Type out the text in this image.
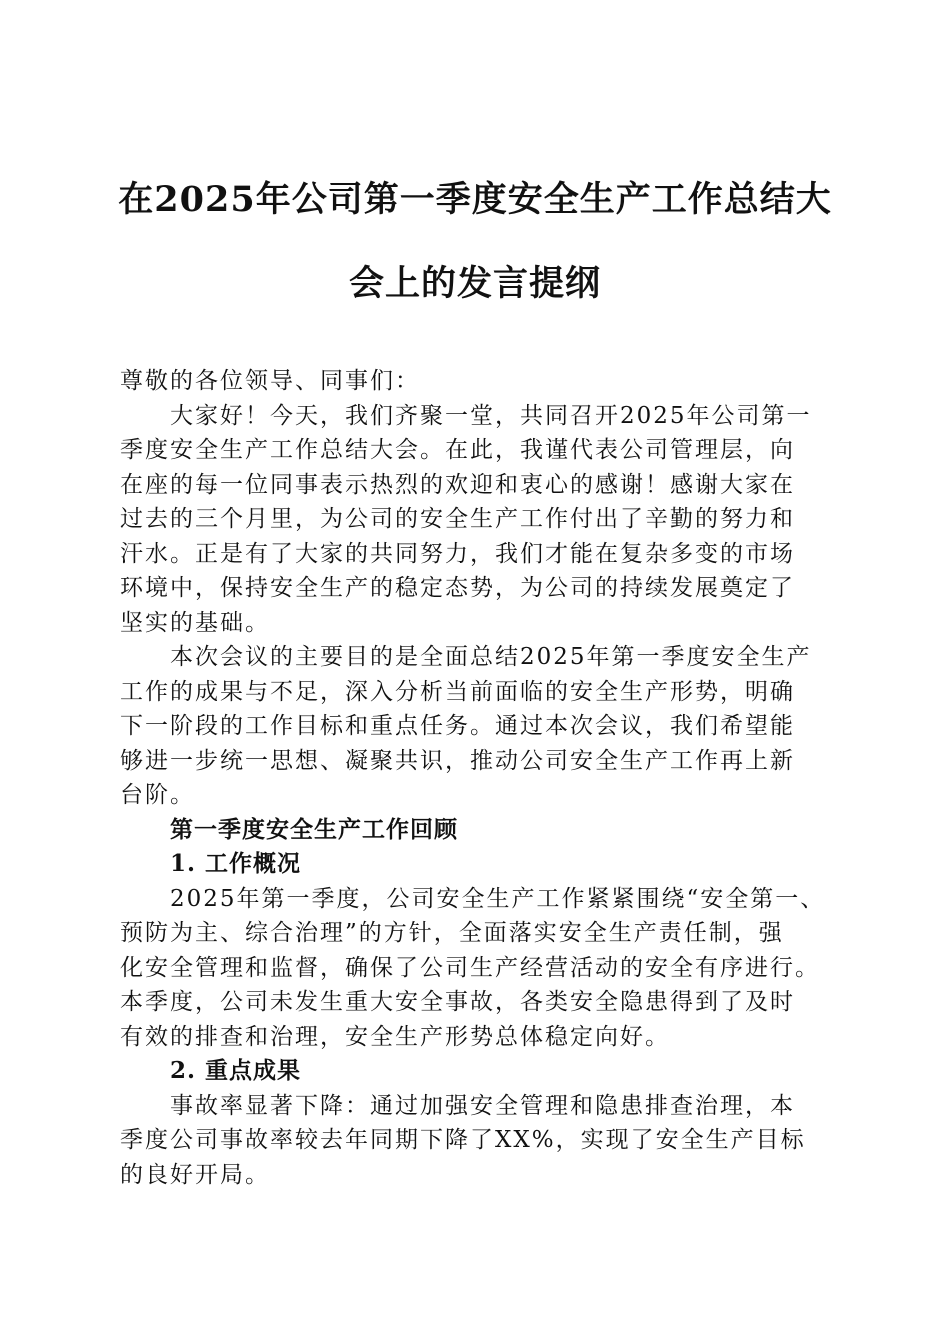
在2025年公司第一季度安全生产工作总结大
会上的发言提纲
尊敬的各位领导、同事们：
大家好！今天，我们齐聚一堂，共同召开2025年公司第一
季度安全生产工作总结大会。在此，我谨代表公司管理层，向
在座的每一位同事表示热烈的欢迎和衷心的感谢！感谢大家在
过去的三个月里，为公司的安全生产工作付出了辛勤的努力和
汗水。正是有了大家的共同努力，我们才能在复杂多变的市场
环境中，保持安全生产的稳定态势，为公司的持续发展奠定了
坚实的基础。
本次会议的主要目的是全面总结2025年第一季度安全生产
工作的成果与不足，深入分析当前面临的安全生产形势，明确
下一阶段的工作目标和重点任务。通过本次会议，我们希望能
够进一步统一思想、凝聚共识，推动公司安全生产工作再上新
台阶。
第一季度安全生产工作回顾
1. 工作概况
2025年第一季度，公司安全生产工作紧紧围绕“安全第一、
预防为主、综合治理”的方针，全面落实安全生产责任制，强
化安全管理和监督，确保了公司生产经营活动的安全有序进行。
本季度，公司未发生重大安全事故，各类安全隐患得到了及时
有效的排查和治理，安全生产形势总体稳定向好。
2. 重点成果
事故率显著下降：通过加强安全管理和隐患排查治理，本
季度公司事故率较去年同期下降了XX%，实现了安全生产目标
的良好开局。
